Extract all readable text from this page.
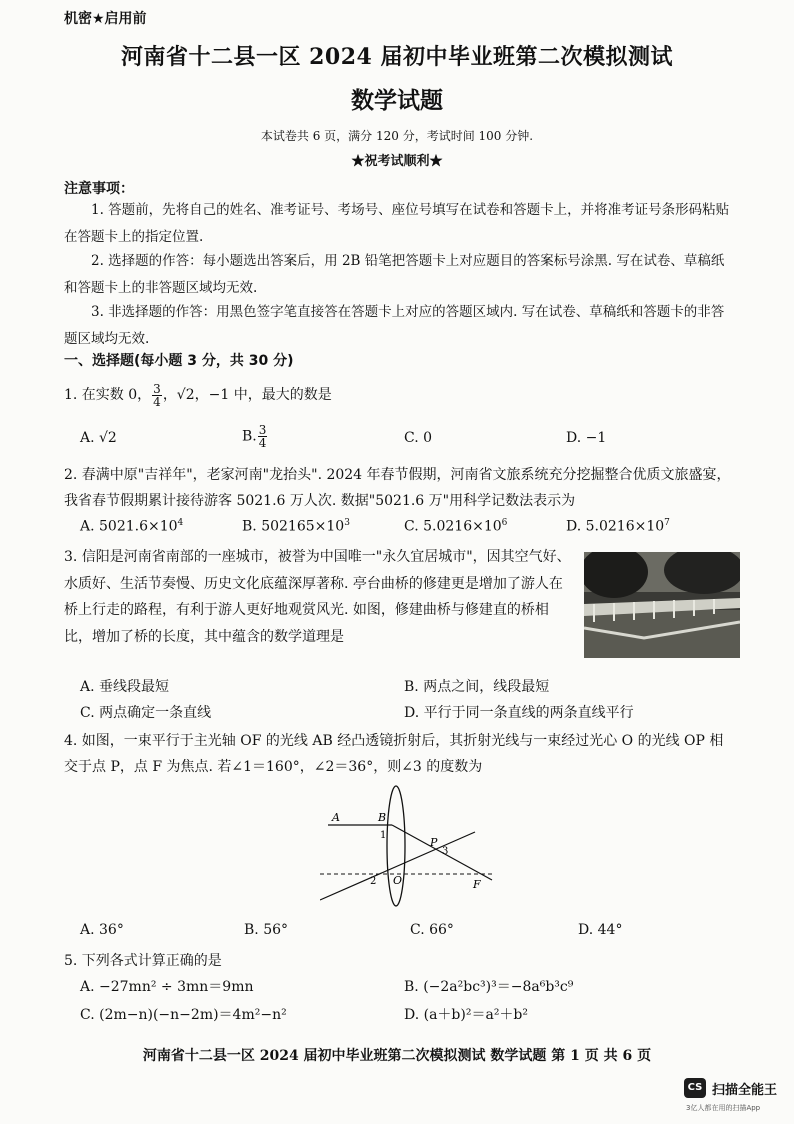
机密★启用前
河南省十二县一区 2024 届初中毕业班第二次模拟测试
数学试题
本试卷共 6 页，满分 120 分，考试时间 100 分钟.
★祝考试顺利★
注意事项：
1. 答题前，先将自己的姓名、准考证号、考场号、座位号填写在试卷和答题卡上，并将准考证号条形码粘贴在答题卡上的指定位置.
2. 选择题的作答：每小题选出答案后，用 2B 铅笔把答题卡上对应题目的答案标号涂黑. 写在试卷、草稿纸和答题卡上的非答题区域均无效.
3. 非选择题的作答：用黑色签字笔直接答在答题卡上对应的答题区域内. 写在试卷、草稿纸和答题卡的非答题区域均无效.
一、选择题(每小题 3 分，共 30 分)
1. 在实数 0， $\frac{3}{4}$ ，√2，−1 中，最大的数是
A. √2	B. $\frac{3}{4}$	C. 0	D. −1
2. 春满中原"吉祥年"，老家河南"龙抬头". 2024 年春节假期，河南省文旅系统充分挖掘整合优质文旅盛宴，我省春节假期累计接待游客 5021.6 万人次. 数据"5021.6 万"用科学记数法表示为
A. $5021.6\times 10^4$	B. $502165\times 10^3$	C. $5.0216\times 10^6$	D. $5.0216\times 10^7$
3. 信阳是河南省南部的一座城市，被誉为中国唯一"永久宜居城市"，因其空气好、水质好、生活节奏慢、历史文化底蕴深厚著称. 亭台曲桥的修建更是增加了游人在桥上行走的路程，有利于游人更好地观赏风光. 如图，修建曲桥与修建直的桥相比，增加了桥的长度，其中蕴含的数学道理是
A. 垂线段最短	B. 两点之间，线段最短
C. 两点确定一条直线	D. 平行于同一条直线的两条直线平行
4. 如图，一束平行于主光轴 OF 的光线 AB 经凸透镜折射后，其折射光线与一束经过光心 O 的光线 OP 相交于点 P，点 F 为焦点. 若∠1＝160°，∠2＝36°，则∠3 的度数为
A	B
1
P
3
2 O	F
A. 36°	B. 56°	C. 66°	D. 44°
5. 下列各式计算正确的是
A. −27mn² ÷ 3mn＝9mn	B. (−2a²bc³)³＝−8a⁶b³c⁹
C. (2m−n)(−n−2m)＝4m²−n²	D. (a＋b)²＝a²＋b²
河南省十二县一区 2024 届初中毕业班第二次模拟测试 数学试题 第 1 页 共 6 页
CS 扫描全能王
3亿人都在用的扫描App
